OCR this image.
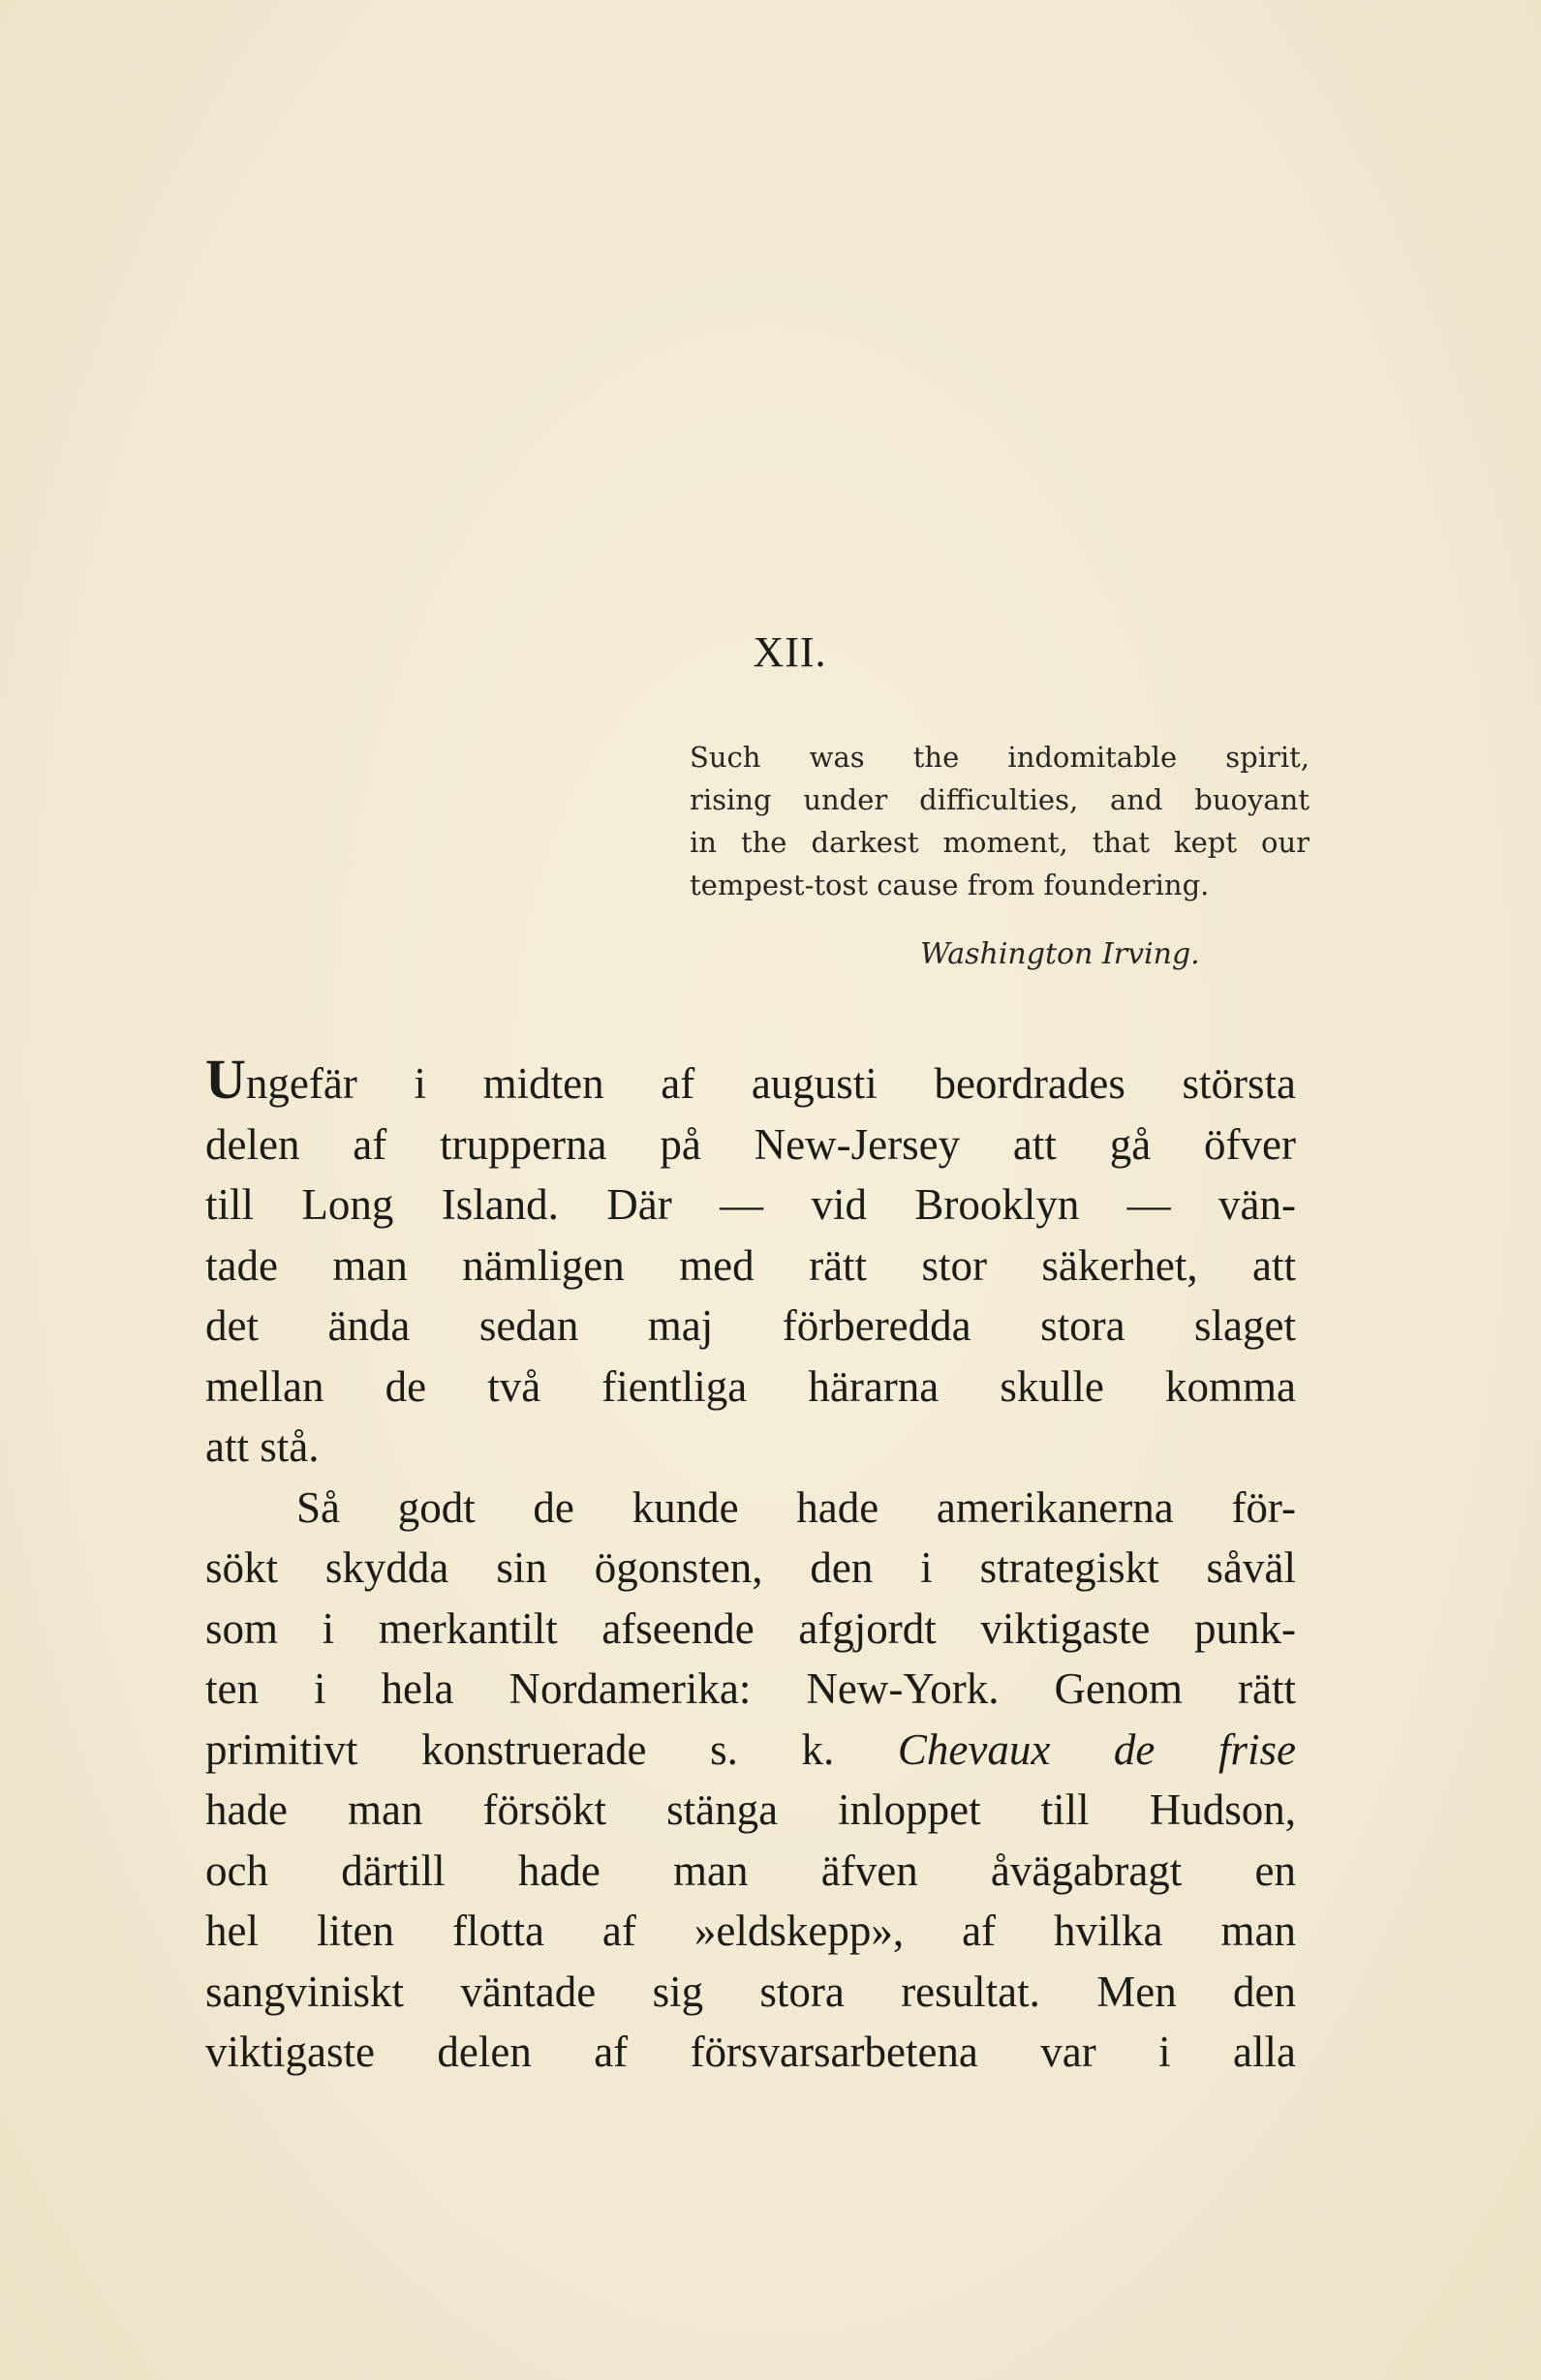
XII.
Such was the indomitable spirit,
rising under difficulties, and buoyant
in the darkest moment, that kept our
tempest-tost cause from foundering.
Washington Irving.
Ungefär i midten af augusti beordrades största
delen af trupperna på New-Jersey att gå öfver
till Long Island. Där — vid Brooklyn — vän-
tade man nämligen med rätt stor säkerhet, att
det ända sedan maj förberedda stora slaget
mellan de två fientliga härarna skulle komma
att stå.
Så godt de kunde hade amerikanerna för-
sökt skydda sin ögonsten, den i strategiskt såväl
som i merkantilt afseende afgjordt viktigaste punk-
ten i hela Nordamerika: New-York. Genom rätt
primitivt konstruerade s. k. Chevaux de frise
hade man försökt stänga inloppet till Hudson,
och därtill hade man äfven åvägabragt en
hel liten flotta af »eldskepp», af hvilka man
sangviniskt väntade sig stora resultat. Men den
viktigaste delen af försvarsarbetena var i alla
